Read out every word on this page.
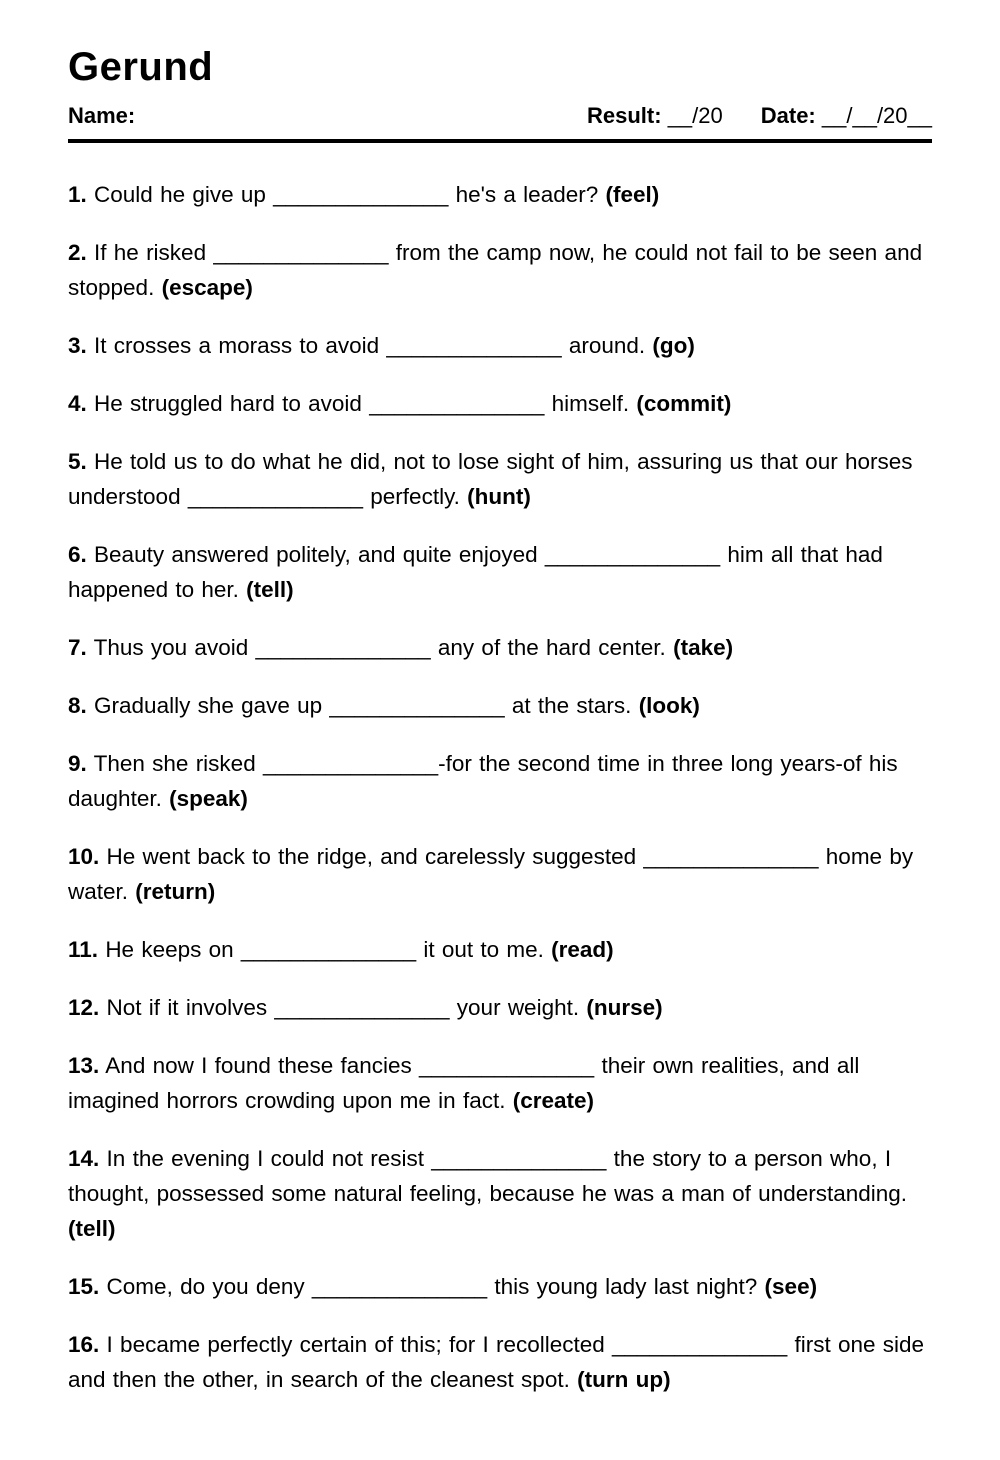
Gerund
Name:	Result: __/20 Date: __/__/20__

1. Could he give up ______________ he's a leader? (feel)

2. If he risked ______________ from the camp now, he could not fail to be seen and stopped. (escape)

3. It crosses a morass to avoid ______________ around. (go)

4. He struggled hard to avoid ______________ himself. (commit)

5. He told us to do what he did, not to lose sight of him, assuring us that our horses understood ______________ perfectly. (hunt)

6. Beauty answered politely, and quite enjoyed ______________ him all that had happened to her. (tell)

7. Thus you avoid ______________ any of the hard center. (take)

8. Gradually she gave up ______________ at the stars. (look)

9. Then she risked ______________-for the second time in three long years-of his daughter. (speak)

10. He went back to the ridge, and carelessly suggested ______________ home by water. (return)

11. He keeps on ______________ it out to me. (read)

12. Not if it involves ______________ your weight. (nurse)

13. And now I found these fancies ______________ their own realities, and all imagined horrors crowding upon me in fact. (create)

14. In the evening I could not resist ______________ the story to a person who, I thought, possessed some natural feeling, because he was a man of understanding. (tell)

15. Come, do you deny ______________ this young lady last night? (see)

16. I became perfectly certain of this; for I recollected ______________ first one side and then the other, in search of the cleanest spot. (turn up)
